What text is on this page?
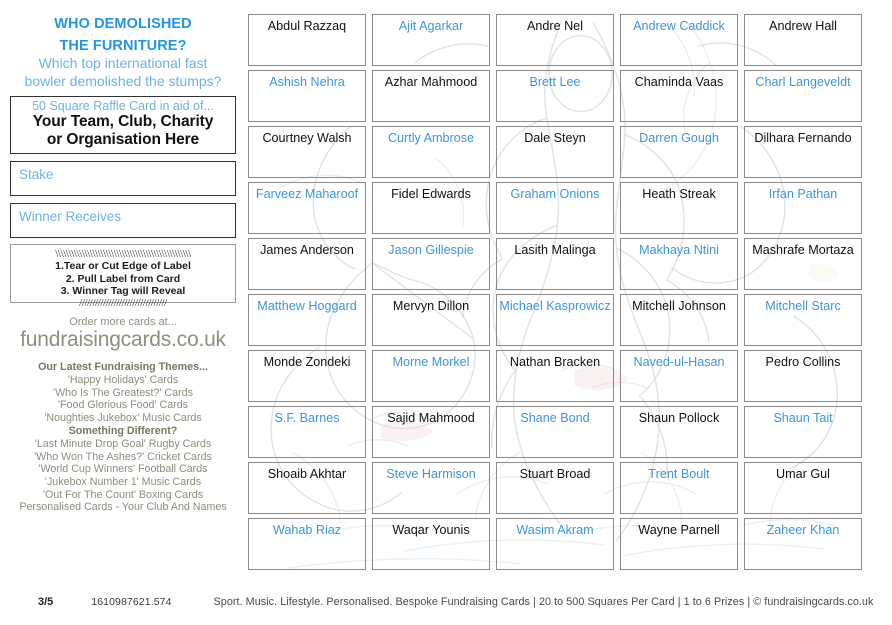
WHO DEMOLISHED
THE FURNITURE?
Which top international fast
bowler demolished the stumps?
50 Square Raffle Card in aid of...
Your Team, Club, Charity
or Organisation Here
Stake
Winner Receives
\\\\\\\\\\\\\\\\\\\\\\\\\\\\\\\\\\\\\\\\\\\\\\\\\\\
1.Tear or Cut Edge of Label
2. Pull Label from Card
3. Winner Tag will Reveal
/////////////////////////////////
Order more cards at...
fundraisingcards.co.uk
Our Latest Fundraising Themes...
'Happy Holidays' Cards
'Who Is The Greatest?' Cards
'Food Glorious Food' Cards
'Noughties Jukebox' Music Cards
Something Different?
'Last Minute Drop Goal' Rugby Cards
'Who Won The Ashes?' Cricket Cards
'World Cup Winners' Football Cards
'Jukebox Number 1' Music Cards
'Out For The Count' Boxing Cards
Personalised Cards - Your Club And Names
Abdul Razzaq	Ajit Agarkar	Andre Nel	Andrew Caddick	Andrew Hall
Ashish Nehra	Azhar Mahmood	Brett Lee	Chaminda Vaas	Charl Langeveldt
Courtney Walsh	Curtly Ambrose	Dale Steyn	Darren Gough	Dilhara Fernando
Farveez Maharoof	Fidel Edwards	Graham Onions	Heath Streak	Irfan Pathan
James Anderson	Jason Gillespie	Lasith Malinga	Makhaya Ntini	Mashrafe Mortaza
Matthew Hoggard	Mervyn Dillon	Michael Kasprowicz	Mitchell Johnson	Mitchell Starc
Monde Zondeki	Morne Morkel	Nathan Bracken	Naved-ul-Hasan	Pedro Collins
S.F. Barnes	Sajid Mahmood	Shane Bond	Shaun Pollock	Shaun Tait
Shoaib Akhtar	Steve Harmison	Stuart Broad	Trent Boult	Umar Gul
Wahab Riaz	Waqar Younis	Wasim Akram	Wayne Parnell	Zaheer Khan
3/5	1610987621.574	Sport. Music. Lifestyle. Personalised. Bespoke Fundraising Cards | 20 to 500 Squares Per Card | 1 to 6 Prizes | © fundraisingcards.co.uk
